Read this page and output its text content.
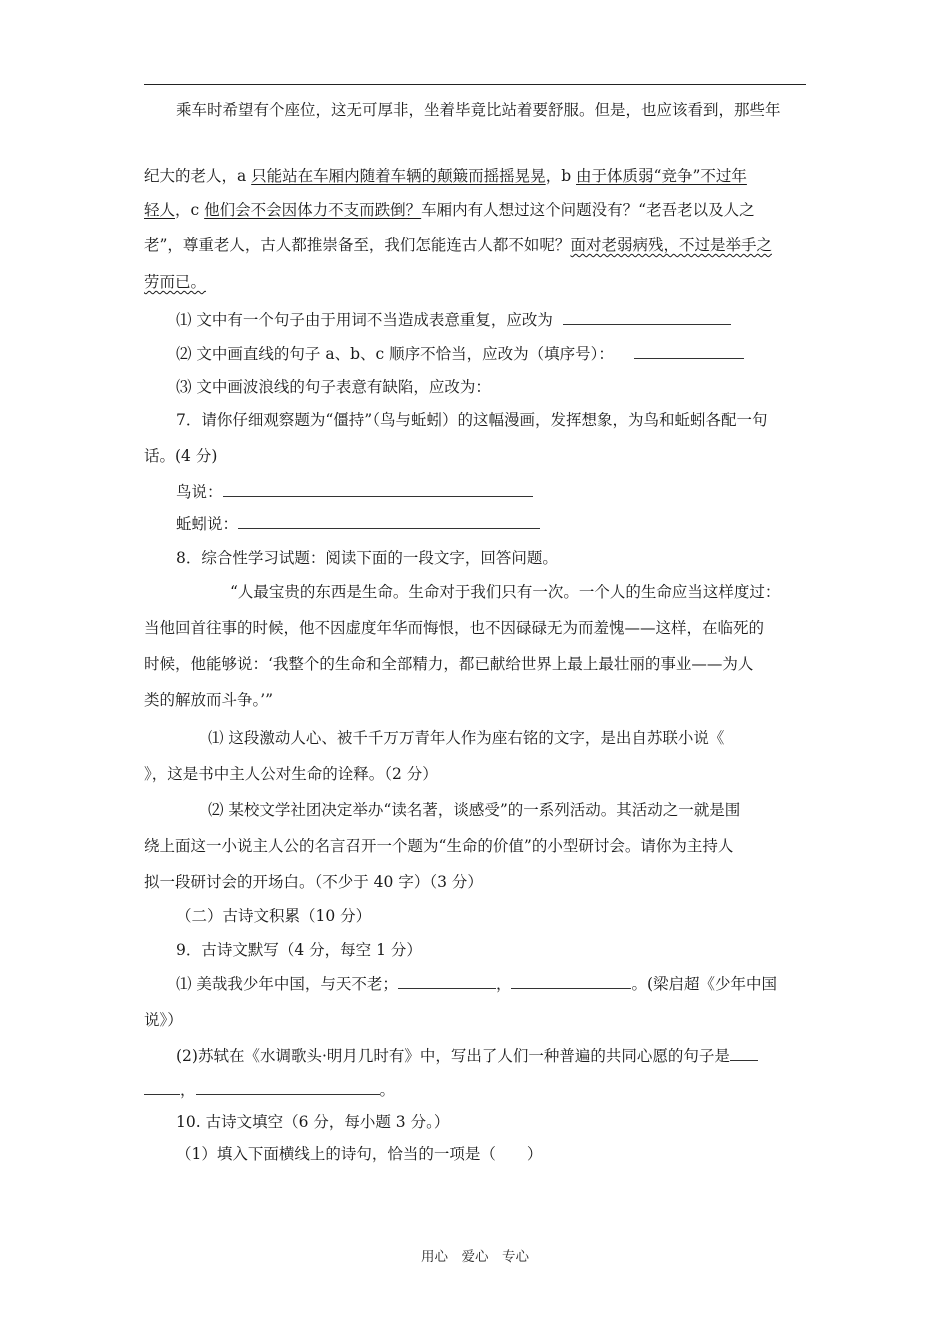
乘车时希望有个座位，这无可厚非，坐着毕竟比站着要舒服。但是，也应该看到，那些年
纪大的老人，a 只能站在车厢内随着车辆的颠簸而摇摇晃晃，b 由于体质弱“竞争”不过年
轻人，c 他们会不会因体力不支而跌倒？车厢内有人想过这个问题没有？“老吾老以及人之
老”，尊重老人，古人都推崇备至，我们怎能连古人都不如呢？面对老弱病残，不过是举手之
劳而已。
⑴ 文中有一个句子由于用词不当造成表意重复，应改为
⑵ 文中画直线的句子 a、b、c 顺序不恰当，应改为（填序号）：
⑶ 文中画波浪线的句子表意有缺陷，应改为：
7．请你仔细观察题为“僵持”（鸟与蚯蚓）的这幅漫画，发挥想象，为鸟和蚯蚓各配一句
话。(4 分)
鸟说：
蚯蚓说：
8．综合性学习试题：阅读下面的一段文字，回答问题。
“人最宝贵的东西是生命。生命对于我们只有一次。一个人的生命应当这样度过：
当他回首往事的时候，他不因虚度年华而悔恨，也不因碌碌无为而羞愧——这样，在临死的
时候，他能够说：‘我整个的生命和全部精力，都已献给世界上最上最壮丽的事业——为人
类的解放而斗争。’”
⑴ 这段激动人心、被千千万万青年人作为座右铭的文字，是出自苏联小说《
》，这是书中主人公对生命的诠释。（2 分）
⑵ 某校文学社团决定举办“读名著，谈感受”的一系列活动。其活动之一就是围
绕上面这一小说主人公的名言召开一个题为“生命的价值”的小型研讨会。请你为主持人
拟一段研讨会的开场白。（不少于 40 字）（3 分）
（二）古诗文积累（10 分）
9．古诗文默写（4 分，每空 1 分）
⑴ 美哉我少年中国，与天不老；	，	。(梁启超《少年中国
说》）
(2)苏轼在《水调歌头·明月几时有》中，写出了人们一种普遍的共同心愿的句子是
，	。
10. 古诗文填空（6 分，每小题 3 分。）
（1）填入下面横线上的诗句，恰当的一项是（　　）
用心　爱心　专心
